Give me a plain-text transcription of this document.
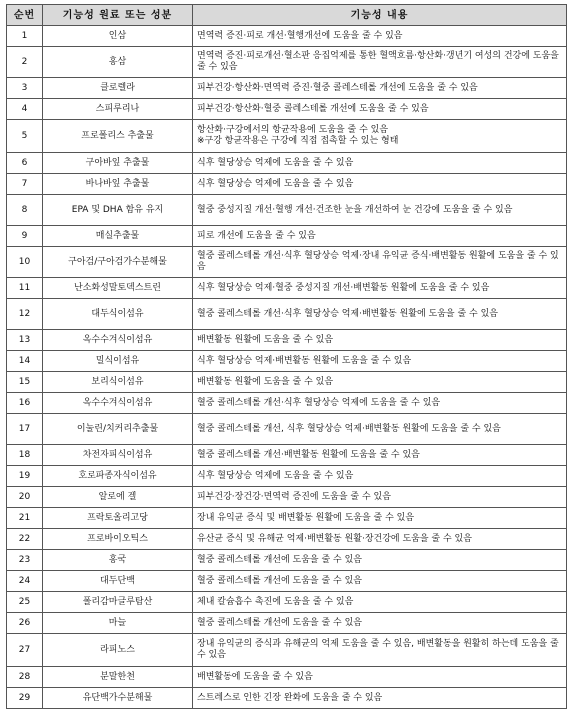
순번	기능성 원료 또는 성분	기능성 내용
1	인삼	면역력 증진·피로 개선·혈행개선에 도움을 줄 수 있음
2	홍삼	면역력 증진·피로개선·혈소판 응집억제를 통한 혈액흐름·항산화·갱년기 여성의 건강에 도움을 줄 수 있음
3	클로렐라	피부건강·항산화·면역력 증진·혈중 콜레스테롤 개선에 도움을 줄 수 있음
4	스피루리나	피부건강·항산화·혈중 콜레스테롤 개선에 도움을 줄 수 있음
5	프로폴리스 추출물	항산화·구강에서의 항균작용에 도움을 줄 수 있음
※구강 항균작용은 구강에 직접 접촉할 수 있는 형태
6	구아바잎 추출물	식후 혈당상승 억제에 도움을 줄 수 있음
7	바나바잎 추출물	식후 혈당상승 억제에 도움을 줄 수 있음
8	EPA 및 DHA 함유 유지	혈중 중성지질 개선·혈행 개선·건조한 눈을 개선하여 눈 건강에 도움을 줄 수 있음
9	매실추출물	피로 개선에 도움을 줄 수 있음
10	구아검/구아검가수분해물	혈중 콜레스테롤 개선·식후 혈당상승 억제·장내 유익균 증식·배변활동 원활에 도움을 줄 수 있음
11	난소화성말토덱스트린	식후 혈당상승 억제·혈중 중성지질 개선·배변활동 원활에 도움을 줄 수 있음
12	대두식이섬유	혈중 콜레스테롤 개선·식후 혈당상승 억제·배변활동 원활에 도움을 줄 수 있음
13	옥수수겨식이섬유	배변활동 원활에 도움을 줄 수 있음
14	밀식이섬유	식후 혈당상승 억제·배변활동 원활에 도움을 줄 수 있음
15	보리식이섬유	배변활동 원활에 도움을 줄 수 있음
16	옥수수겨식이섬유	혈중 콜레스테롤 개선·식후 혈당상승 억제에 도움을 줄 수 있음
17	이눌린/치커리추출물	혈중 콜레스테롤 개선, 식후 혈당상승 억제·배변활동 원활에 도움을 줄 수 있음
18	차전자피식이섬유	혈중 콜레스테롤 개선·배변활동 원활에 도움을 줄 수 있음
19	호로파종자식이섬유	식후 혈당상승 억제에 도움을 줄 수 있음
20	알로에 겔	피부건강·장건강·면역력 증진에 도움을 줄 수 있음
21	프락토올리고당	장내 유익균 증식 및 배변활동 원활에 도움을 줄 수 있음
22	프로바이오틱스	유산균 증식 및 유해균 억제·배변활동 원활·장건강에 도움을 줄 수 있음
23	홍국	혈중 콜레스테롤 개선에 도움을 줄 수 있음
24	대두단백	혈중 콜레스테롤 개선에 도움을 줄 수 있음
25	폴리감마글루탐산	체내 칼슘흡수 촉진에 도움을 줄 수 있음
26	마늘	혈중 콜레스테롤 개선에 도움을 줄 수 있음
27	라피노스	장내 유익균의 증식과 유해균의 억제 도움을 줄 수 있음, 배변활동을 원활히 하는데 도움을 줄 수 있음
28	분말한천	배변활동에 도움을 줄 수 있음
29	유단백가수분해물	스트레스로 인한 긴장 완화에 도움을 줄 수 있음
